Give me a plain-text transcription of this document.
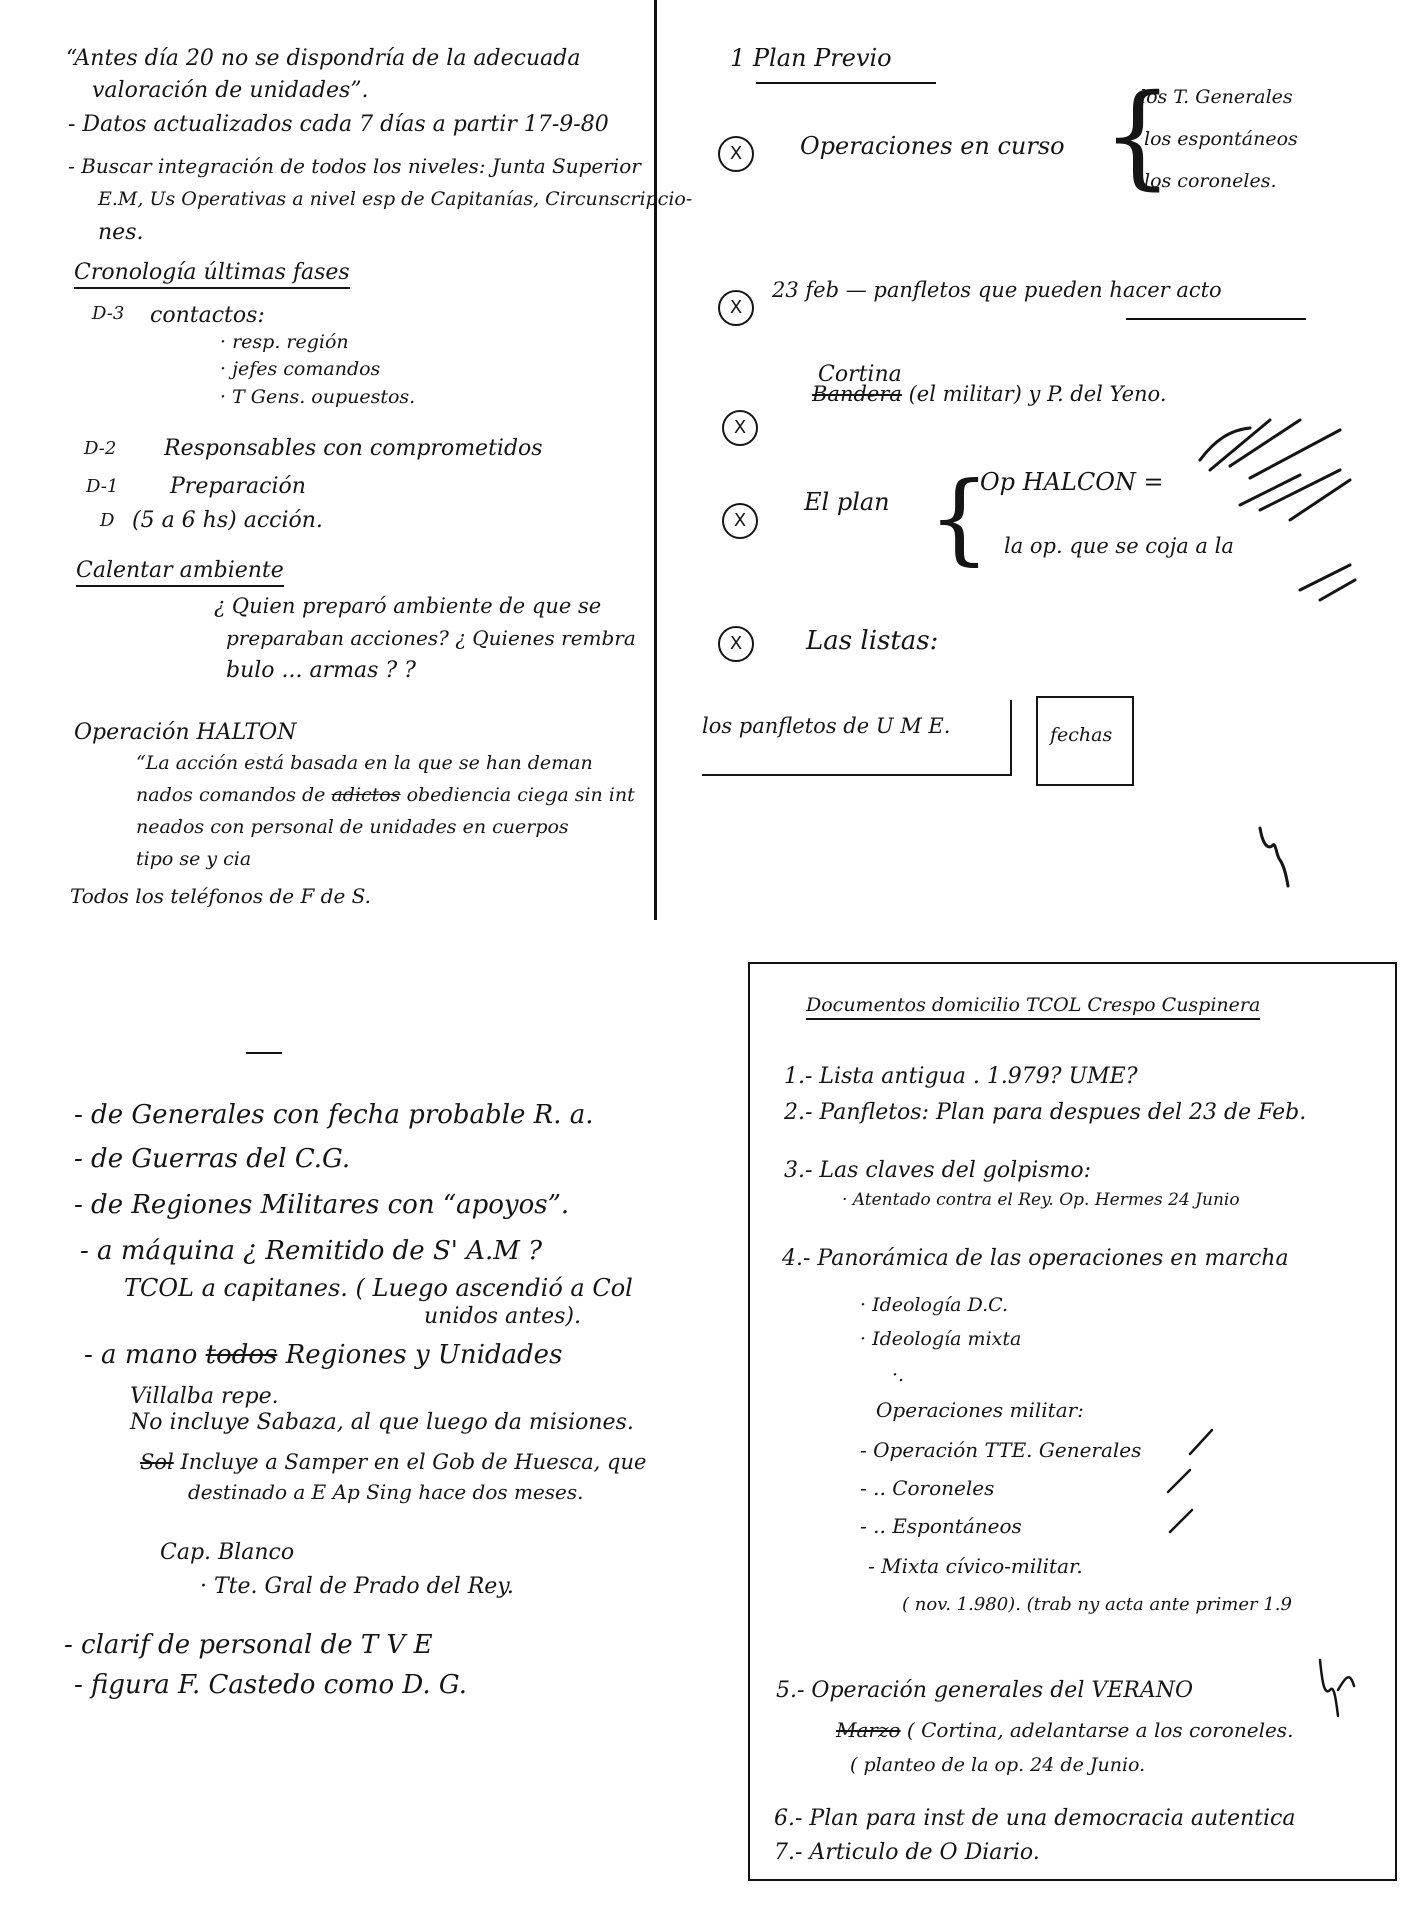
“Antes día 20 no se dispondría de la adecuada
valoración de unidades”.
- Datos actualizados cada 7 días a partir 17-9-80
- Buscar integración de todos los niveles: Junta Superior
E.M, Us Operativas a nivel esp de Capitanías, Circunscripcio-
nes.
Cronología últimas fases
D-3 contactos:
· resp. región
· jefes comandos
· T Gens. oupuestos.
D-2 Responsables con comprometidos
D-1 Preparación
D (5 a 6 hs) acción.
Calentar ambiente
¿ Quien preparó ambiente de que se
preparaban acciones? ¿ Quienes rembra
bulo ... armas ? ?
Operación HALTON
“La acción está basada en la que se han deman
nados comandos de adictos obediencia ciega sin int
neados con personal de unidades en cuerpos
tipo se y cia
Todos los teléfonos de F de S.
1 Plan Previo
X	Operaciones en curso {
los T. Generales
los espontáneos
los coroneles.
X
23 feb — panfletos que pueden hacer acto
Cortina
X
Bandera (el militar) y P. del Yeno.
X
El plan {
Op HALCON =
la op. que se coja a la
X	Las listas:
los panfletos de U M E.	fechas
- de Generales con fecha probable R. a.
- de Guerras del C.G.
- de Regiones Militares con “apoyos”.
- a máquina ¿ Remitido de S' A.M ?
TCOL a capitanes. ( Luego ascendió a Col
unidos antes).
- a mano todos Regiones y Unidades
Villalba repe.
No incluye Sabaza, al que luego da misiones.
Sol Incluye a Samper en el Gob de Huesca, que
destinado a E Ap Sing hace dos meses.
Cap. Blanco
· Tte. Gral de Prado del Rey.
- clarif de personal de T V E
- figura F. Castedo como D. G.
Documentos domicilio TCOL Crespo Cuspinera
1.- Lista antigua . 1.979? UME?
2.- Panfletos: Plan para despues del 23 de Feb.
3.- Las claves del golpismo:
· Atentado contra el Rey. Op. Hermes 24 Junio
4.- Panorámica de las operaciones en marcha
· Ideología D.C.
· Ideología mixta
·.
Operaciones militar:
- Operación TTE. Generales
- .. Coroneles
- .. Espontáneos
- Mixta cívico-militar.
( nov. 1.980). (trab ny acta ante primer 1.9
5.- Operación generales del VERANO
Marzo ( Cortina, adelantarse a los coroneles.
( planteo de la op. 24 de Junio.
6.- Plan para inst de una democracia autentica
7.- Articulo de O Diario.
